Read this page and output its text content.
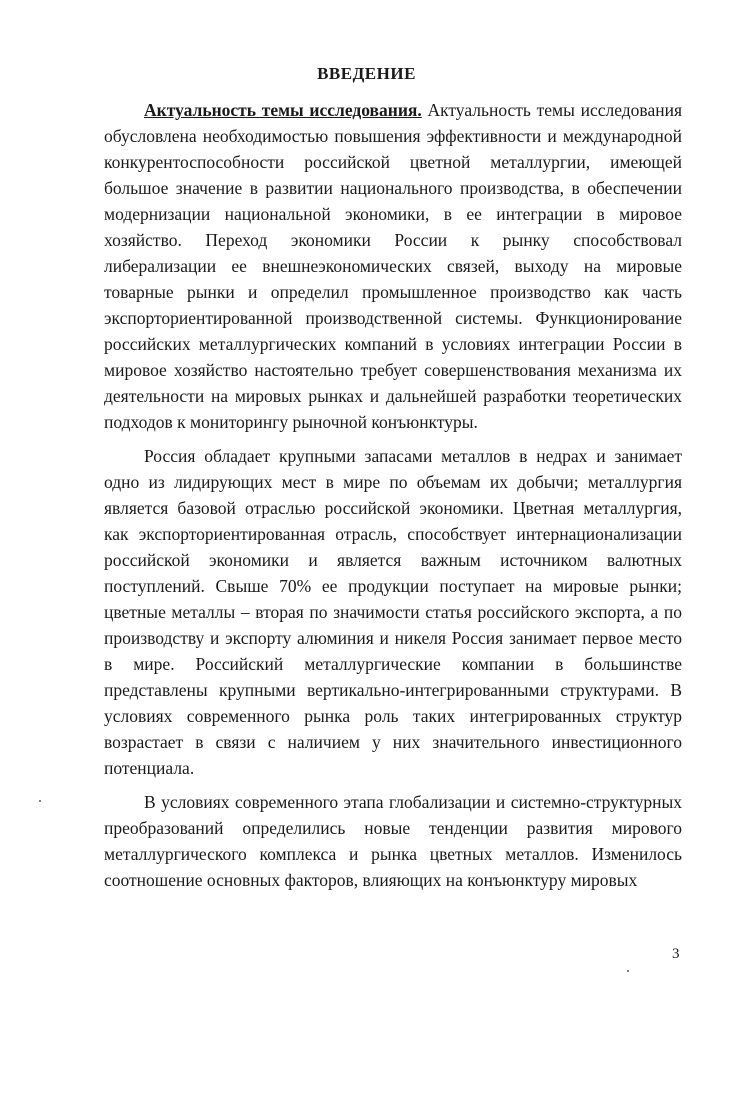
ВВЕДЕНИЕ

Актуальность темы исследования. Актуальность темы исследования обусловлена необходимостью повышения эффективности и международной конкурентоспособности российской цветной металлургии, имеющей большое значение в развитии национального производства, в обеспечении модернизации национальной экономики, в ее интеграции в мировое хозяйство. Переход экономики России к рынку способствовал либерализации ее внешнеэкономических связей, выходу на мировые товарные рынки и определил промышленное производство как часть экспорториентированной производственной системы. Функционирование российских металлургических компаний в условиях интеграции России в мировое хозяйство настоятельно требует совершенствования механизма их деятельности на мировых рынках и дальнейшей разработки теоретических подходов к мониторингу рыночной конъюнктуры.

Россия обладает крупными запасами металлов в недрах и занимает одно из лидирующих мест в мире по объемам их добычи; металлургия является базовой отраслью российской экономики. Цветная металлургия, как экспорториентированная отрасль, способствует интернационализации российской экономики и является важным источником валютных поступлений. Свыше 70% ее продукции поступает на мировые рынки; цветные металлы – вторая по значимости статья российского экспорта, а по производству и экспорту алюминия и никеля Россия занимает первое место в мире. Российский металлургические компании в большинстве представлены крупными вертикально-интегрированными структурами. В условиях современного рынка роль таких интегрированных структур возрастает в связи с наличием у них значительного инвестиционного потенциала.

В условиях современного этапа глобализации и системно-структурных преобразований определились новые тенденции развития мирового металлургического комплекса и рынка цветных металлов. Изменилось соотношение основных факторов, влияющих на конъюнктуру мировых

3
